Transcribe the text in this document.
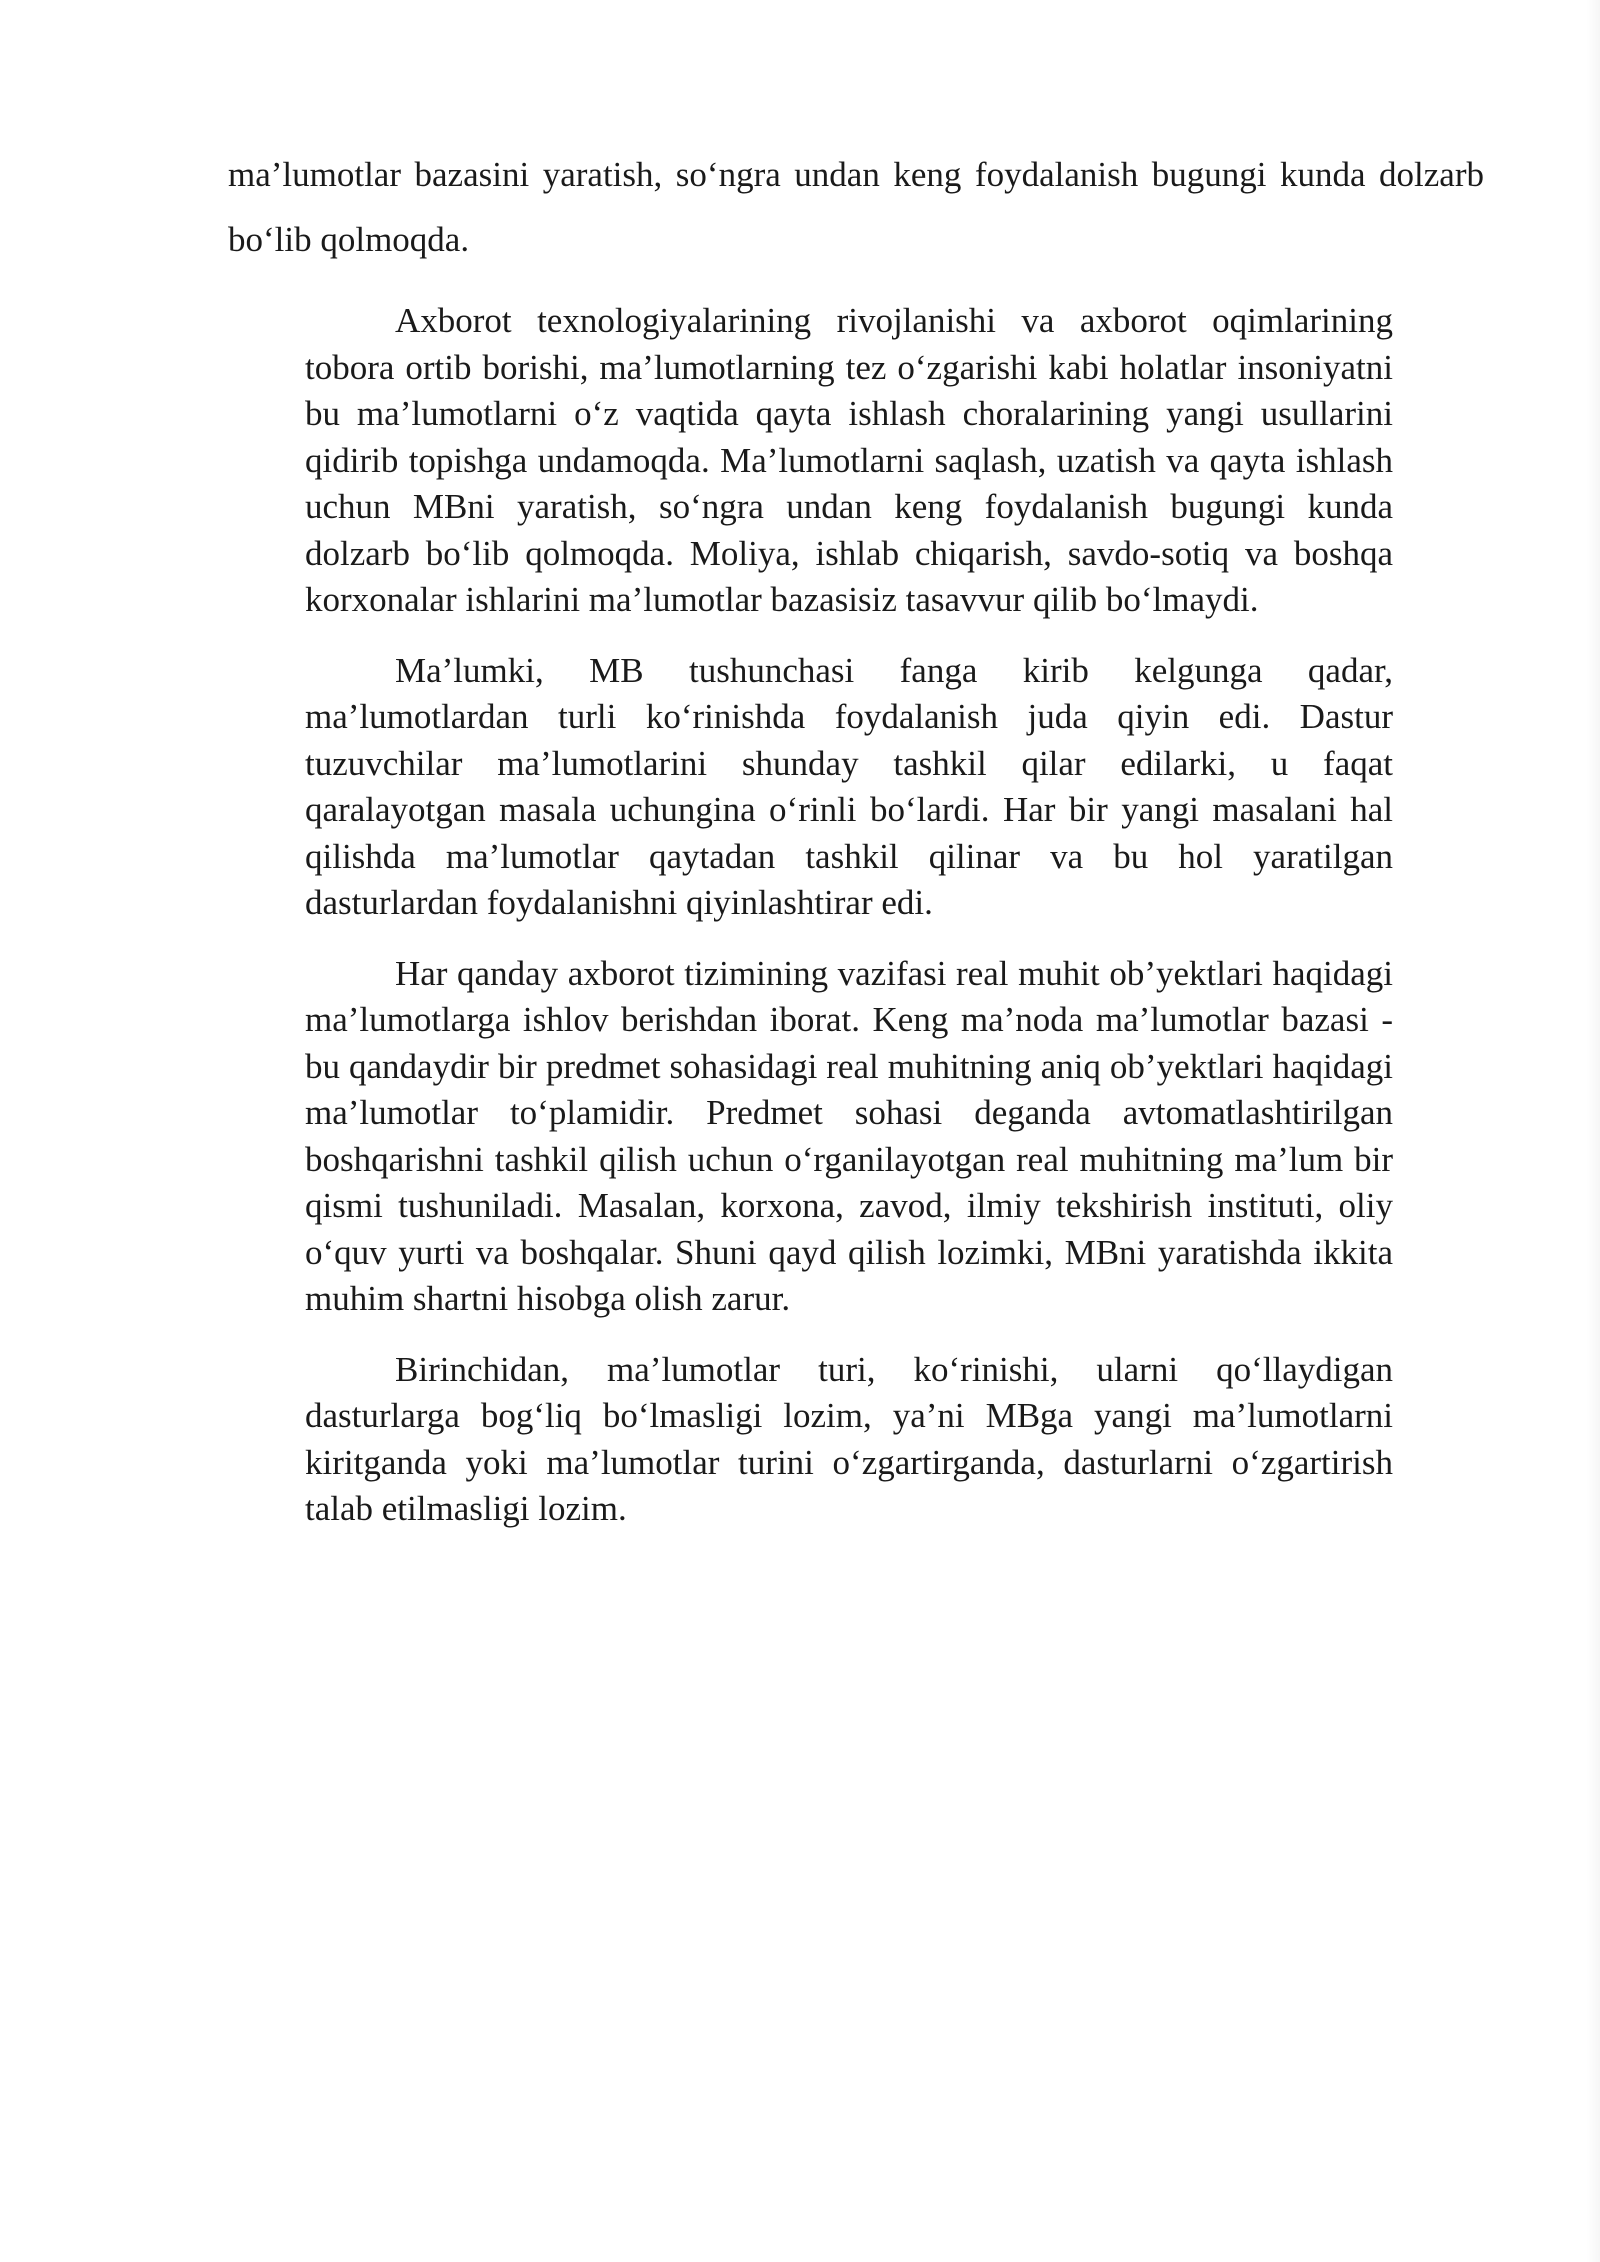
ma’lumotlar bazasini yaratish, so‘ngra undan keng foydalanish bugungi kunda dolzarb bo‘lib qolmoqda.

Axborot texnologiyalarining rivojlanishi va axborot oqimlarining tobora ortib borishi, ma’lumotlarning tez o‘zgarishi kabi holatlar insoniyatni bu ma’lumotlarni o‘z vaqtida qayta ishlash choralarining yangi usullarini qidirib topishga undamoqda. Ma’lumotlarni saqlash, uzatish va qayta ishlash uchun MBni yaratish, so‘ngra undan keng foydalanish bugungi kunda dolzarb bo‘lib qolmoqda. Moliya, ishlab chiqarish, savdo-sotiq va boshqa korxonalar ishlarini ma’lumotlar bazasisiz tasavvur qilib bo‘lmaydi.

Ma’lumki, MB tushunchasi fanga kirib kelgunga qadar, ma’lumotlardan turli ko‘rinishda foydalanish juda qiyin edi. Dastur tuzuvchilar ma’lumotlarini shunday tashkil qilar edilarki, u faqat qaralayotgan masala uchungina o‘rinli bo‘lardi. Har bir yangi masalani hal qilishda ma’lumotlar qaytadan tashkil qilinar va bu hol yaratilgan dasturlardan foydalanishni qiyinlashtirar edi.

Har qanday axborot tizimining vazifasi real muhit ob’yektlari haqidagi ma’lumotlarga ishlov berishdan iborat. Keng ma’noda ma’lumotlar bazasi - bu qandaydir bir predmet sohasidagi real muhitning aniq ob’yektlari haqidagi ma’lumotlar to‘plamidir. Predmet sohasi deganda avtomatlashtirilgan boshqarishni tashkil qilish uchun o‘rganilayotgan real muhitning ma’lum bir qismi tushuniladi. Masalan, korxona, zavod, ilmiy tekshirish instituti, oliy o‘quv yurti va boshqalar. Shuni qayd qilish lozimki, MBni yaratishda ikkita muhim shartni hisobga olish zarur.

Birinchidan, ma’lumotlar turi, ko‘rinishi, ularni qo‘llaydigan dasturlarga bog‘liq bo‘lmasligi lozim, ya’ni MBga yangi ma’lumotlarni kiritganda yoki ma’lumotlar turini o‘zgartirganda, dasturlarni o‘zgartirish talab etilmasligi lozim.
